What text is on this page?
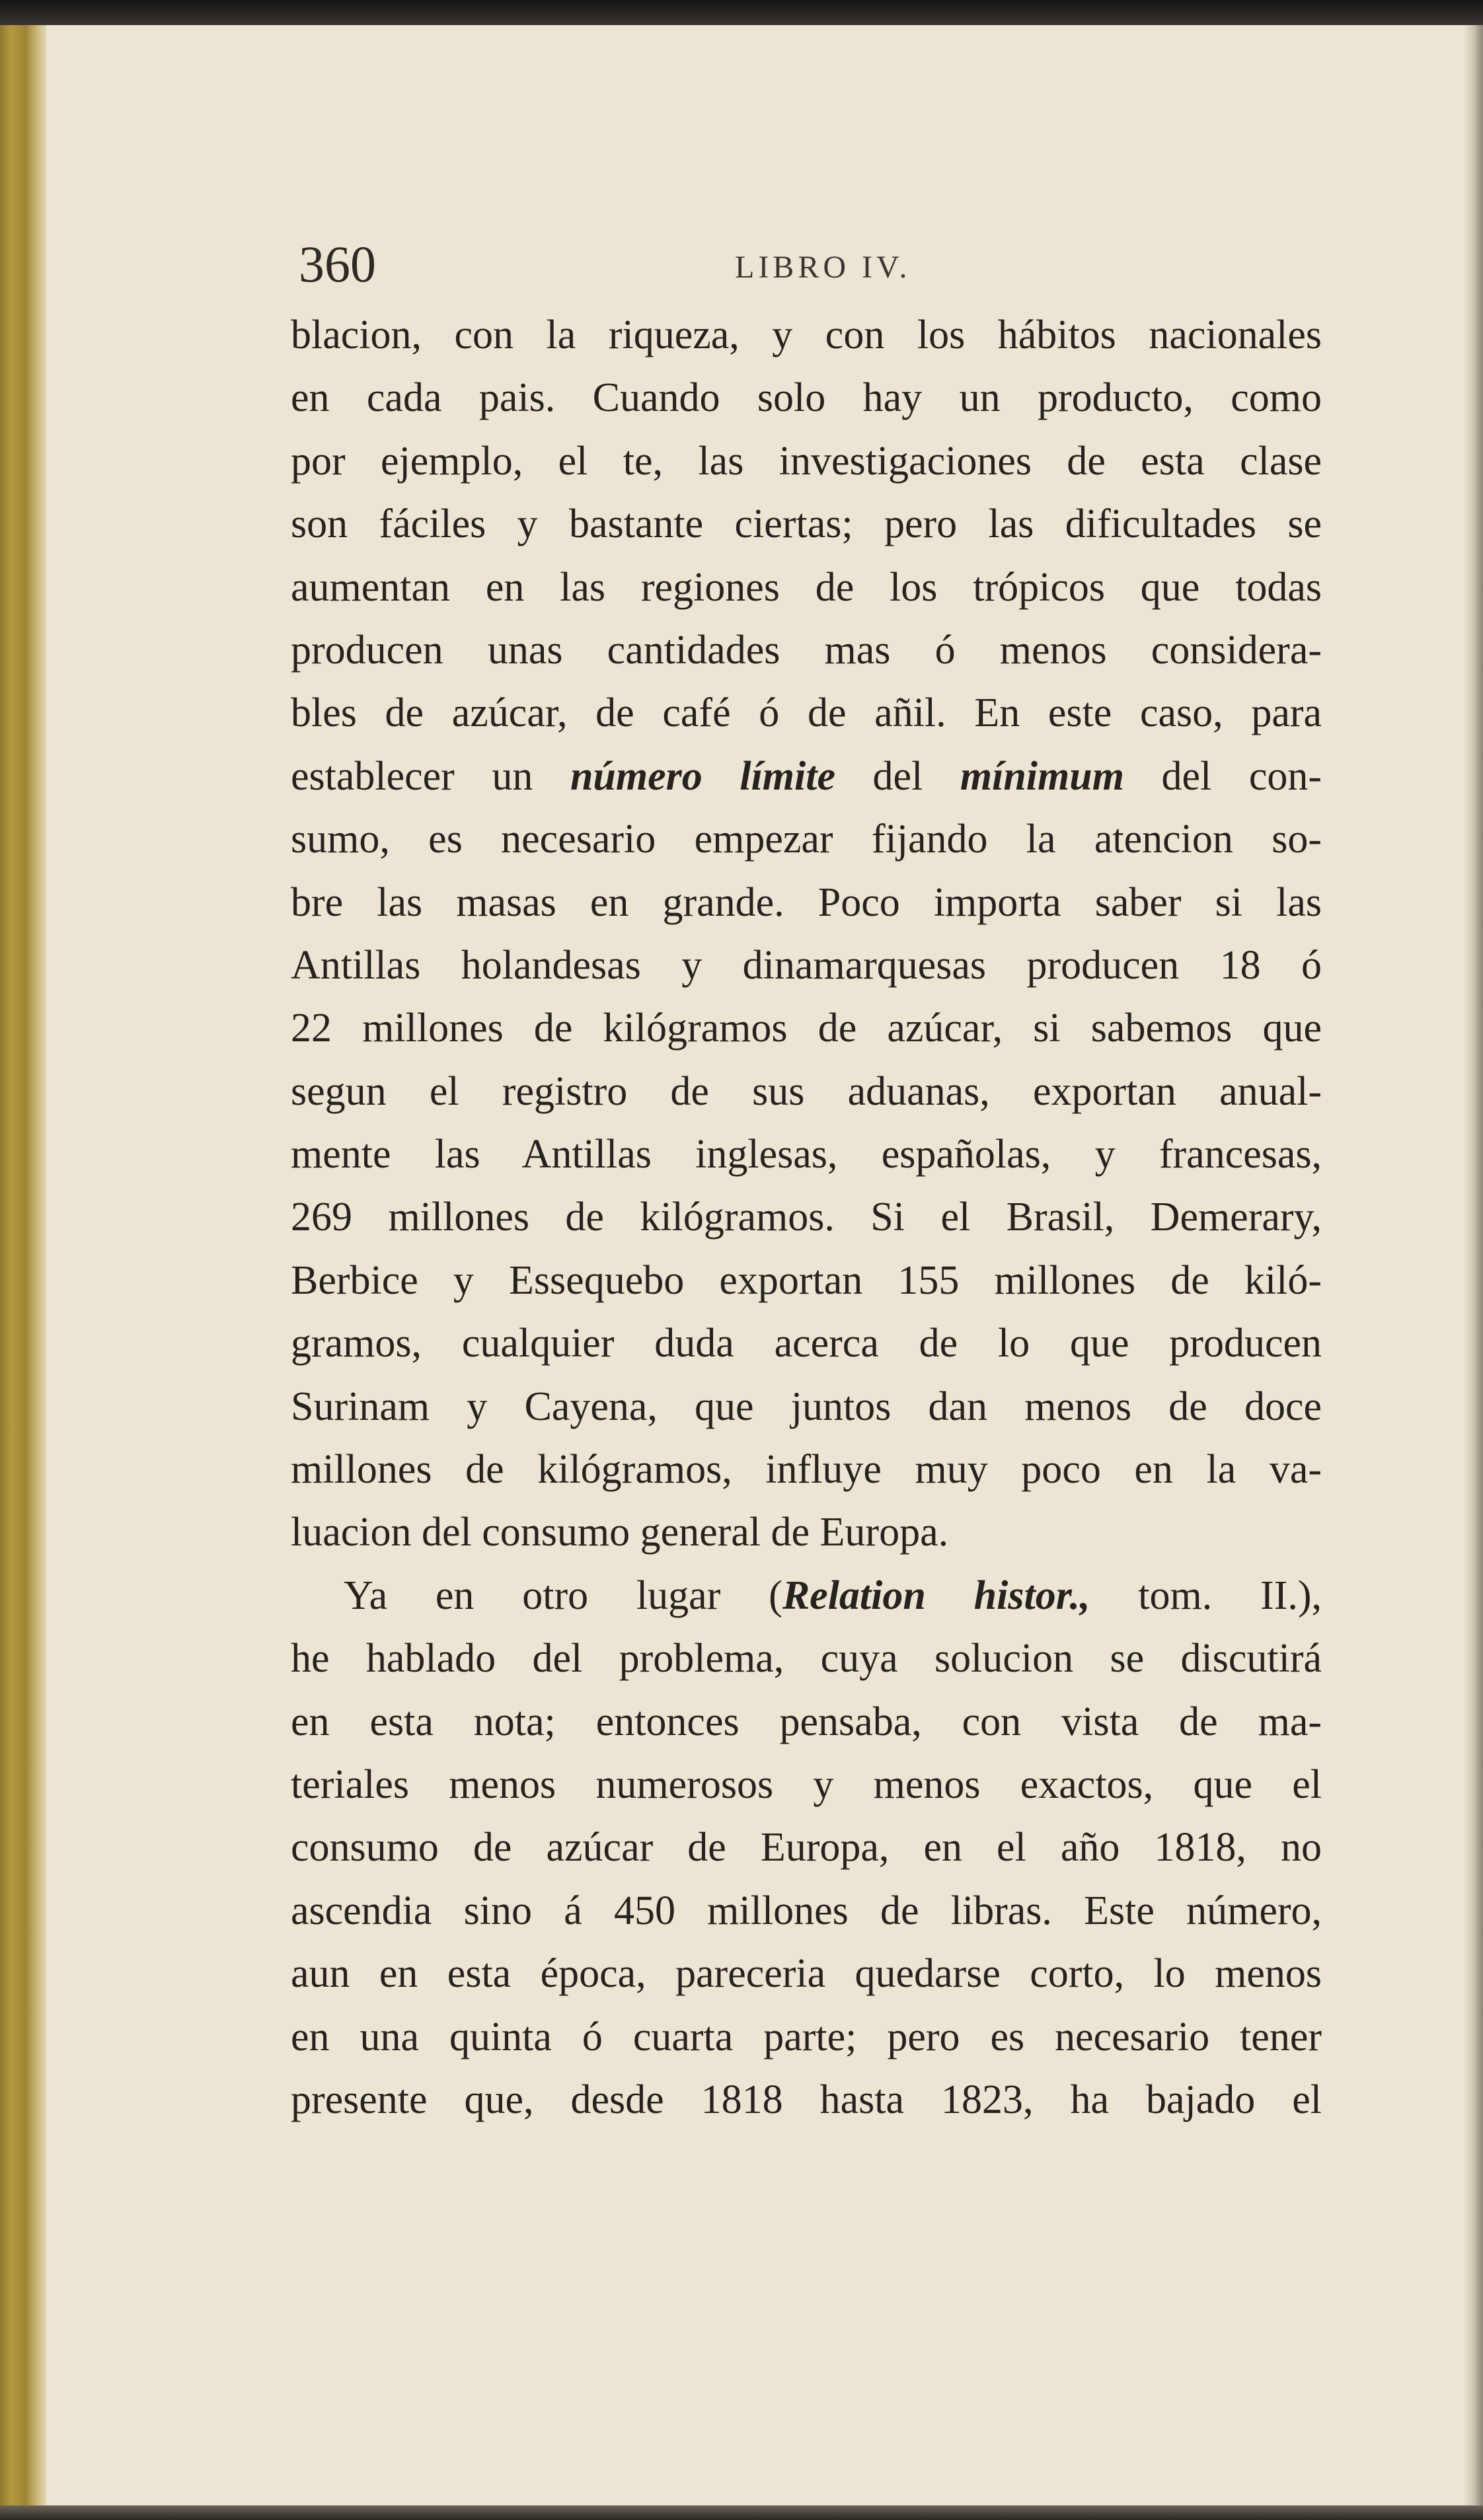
360	LIBRO IV.
blacion, con la riqueza, y con los hábitos nacionales
en cada pais. Cuando solo hay un producto, como
por ejemplo, el te, las investigaciones de esta clase
son fáciles y bastante ciertas; pero las dificultades se
aumentan en las regiones de los trópicos que todas
producen unas cantidades mas ó menos considera-
bles de azúcar, de café ó de añil. En este caso, para
establecer un número límite del mínimum del con-
sumo, es necesario empezar fijando la atencion so-
bre las masas en grande. Poco importa saber si las
Antillas holandesas y dinamarquesas producen 18 ó
22 millones de kilógramos de azúcar, si sabemos que
segun el registro de sus aduanas, exportan anual-
mente las Antillas inglesas, españolas, y francesas,
269 millones de kilógramos. Si el Brasil, Demerary,
Berbice y Essequebo exportan 155 millones de kiló-
gramos, cualquier duda acerca de lo que producen
Surinam y Cayena, que juntos dan menos de doce
millones de kilógramos, influye muy poco en la va-
luacion del consumo general de Europa.
Ya en otro lugar (Relation histor., tom. II.),
he hablado del problema, cuya solucion se discutirá
en esta nota; entonces pensaba, con vista de ma-
teriales menos numerosos y menos exactos, que el
consumo de azúcar de Europa, en el año 1818, no
ascendia sino á 450 millones de libras. Este número,
aun en esta época, pareceria quedarse corto, lo menos
en una quinta ó cuarta parte; pero es necesario tener
presente que, desde 1818 hasta 1823, ha bajado el
